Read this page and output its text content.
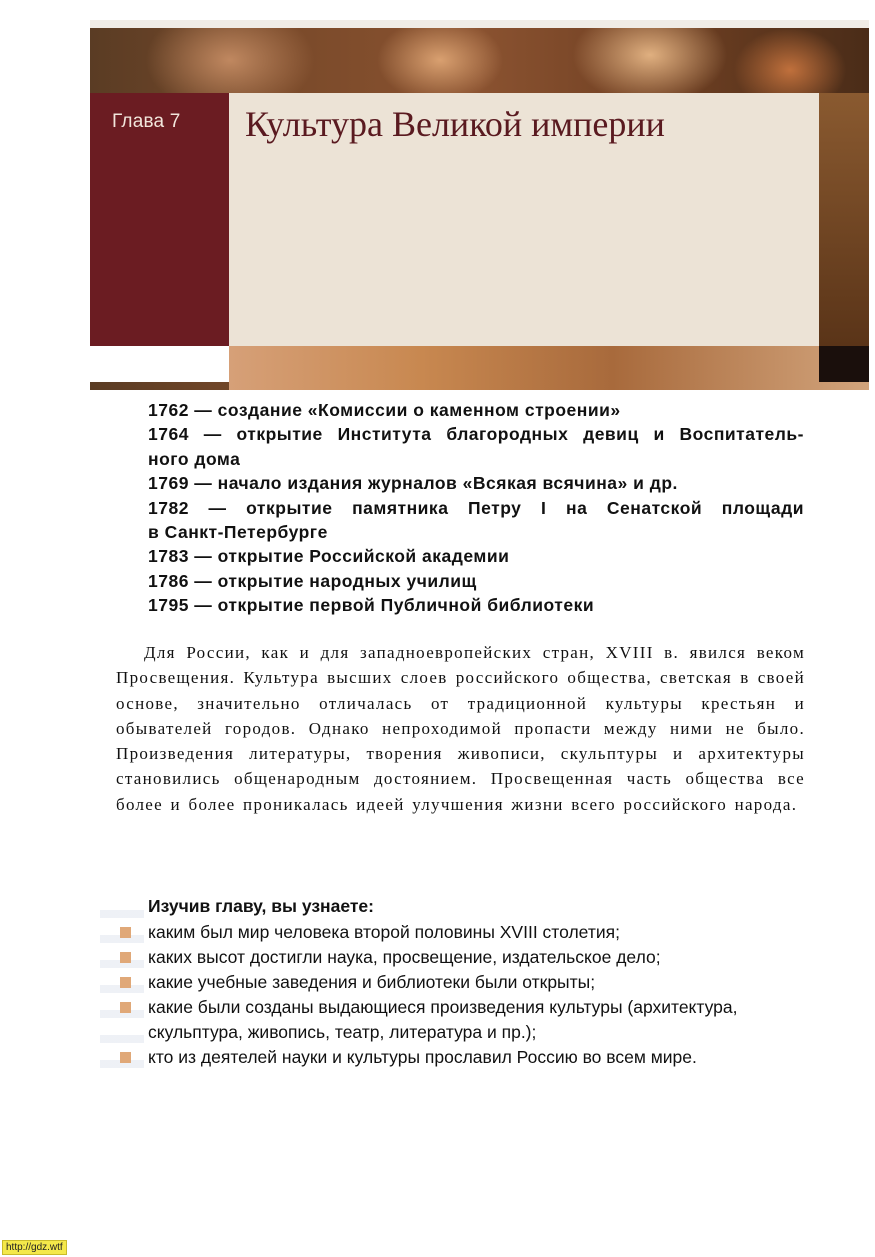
Глава 7 Культура Великой империи

1762 — создание «Комиссии о каменном строении»

1764 — открытие Института благородных девиц и Воспитатель-

ного дома

1769 — начало издания журналов «Всякая всячина» и др.

1782 — открытие памятника Петру I на Сенатской площади

в Санкт-Петербурге

1783 — открытие Российской академии

1786 — открытие народных училищ

1795 — открытие первой Публичной библиотеки

Для России, как и для западноевропейских стран, XVIII в. явился веком Просвещения. Культура высших слоев российского общества, светская в своей основе, значительно отличалась от традиционной культуры крестьян и обывателей городов. Однако непроходимой пропасти между ними не было. Произведения литературы, творения живописи, скульптуры и архитектуры становились общенародным достоянием. Просвещенная часть общества все более и более проникалась идеей улучшения жизни всего российского народа.

Изучив главу, вы узнаете:
каким был мир человека второй половины XVIII столетия;
каких высот достигли наука, просвещение, издательское дело;
какие учебные заведения и библиотеки были открыты;
какие были созданы выдающиеся произведения культуры (архитектура, скульптура, живопись, театр, литература и пр.);
кто из деятелей науки и культуры прославил Россию во всем мире.
http://gdz.wtf
